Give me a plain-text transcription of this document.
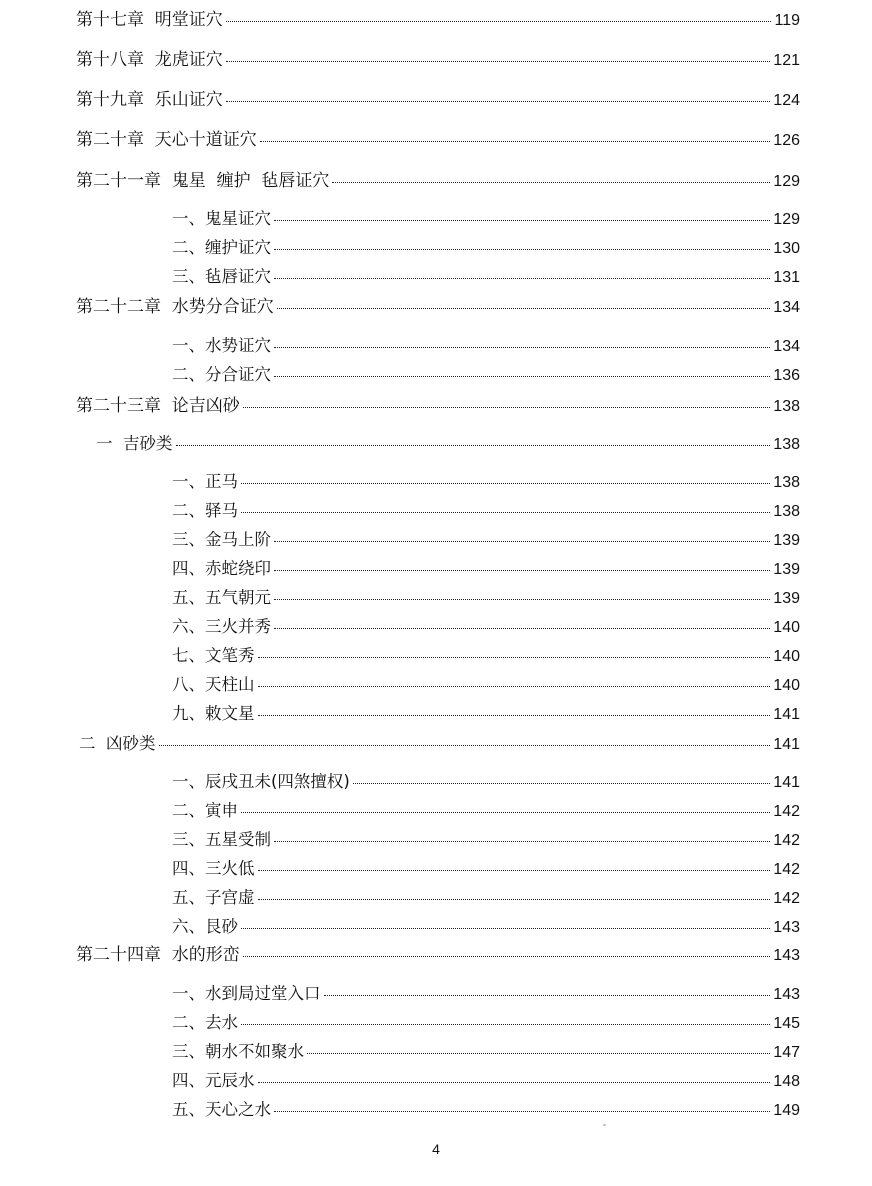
第十七章  明堂证穴	119
第十八章  龙虎证穴	121
第十九章  乐山证穴	124
第二十章  天心十道证穴	126
第二十一章  鬼星  缠护  毡唇证穴	129
一、鬼星证穴	129
二、缠护证穴	130
三、毡唇证穴	131
第二十二章  水势分合证穴	134
一、水势证穴	134
二、分合证穴	136
第二十三章  论吉凶砂	138
一  吉砂类	138
一、正马	138
二、驿马	138
三、金马上阶	139
四、赤蛇绕印	139
五、五气朝元	139
六、三火并秀	140
七、文笔秀	140
八、天柱山	140
九、敕文星	141
二  凶砂类	141
一、辰戌丑未(四煞擅权)	141
二、寅申	142
三、五星受制	142
四、三火低	142
五、子宫虚	142
六、艮砂	143
第二十四章  水的形峦	143
一、水到局过堂入口	143
二、去水	145
三、朝水不如聚水	147
四、元辰水	148
五、天心之水	149
4
